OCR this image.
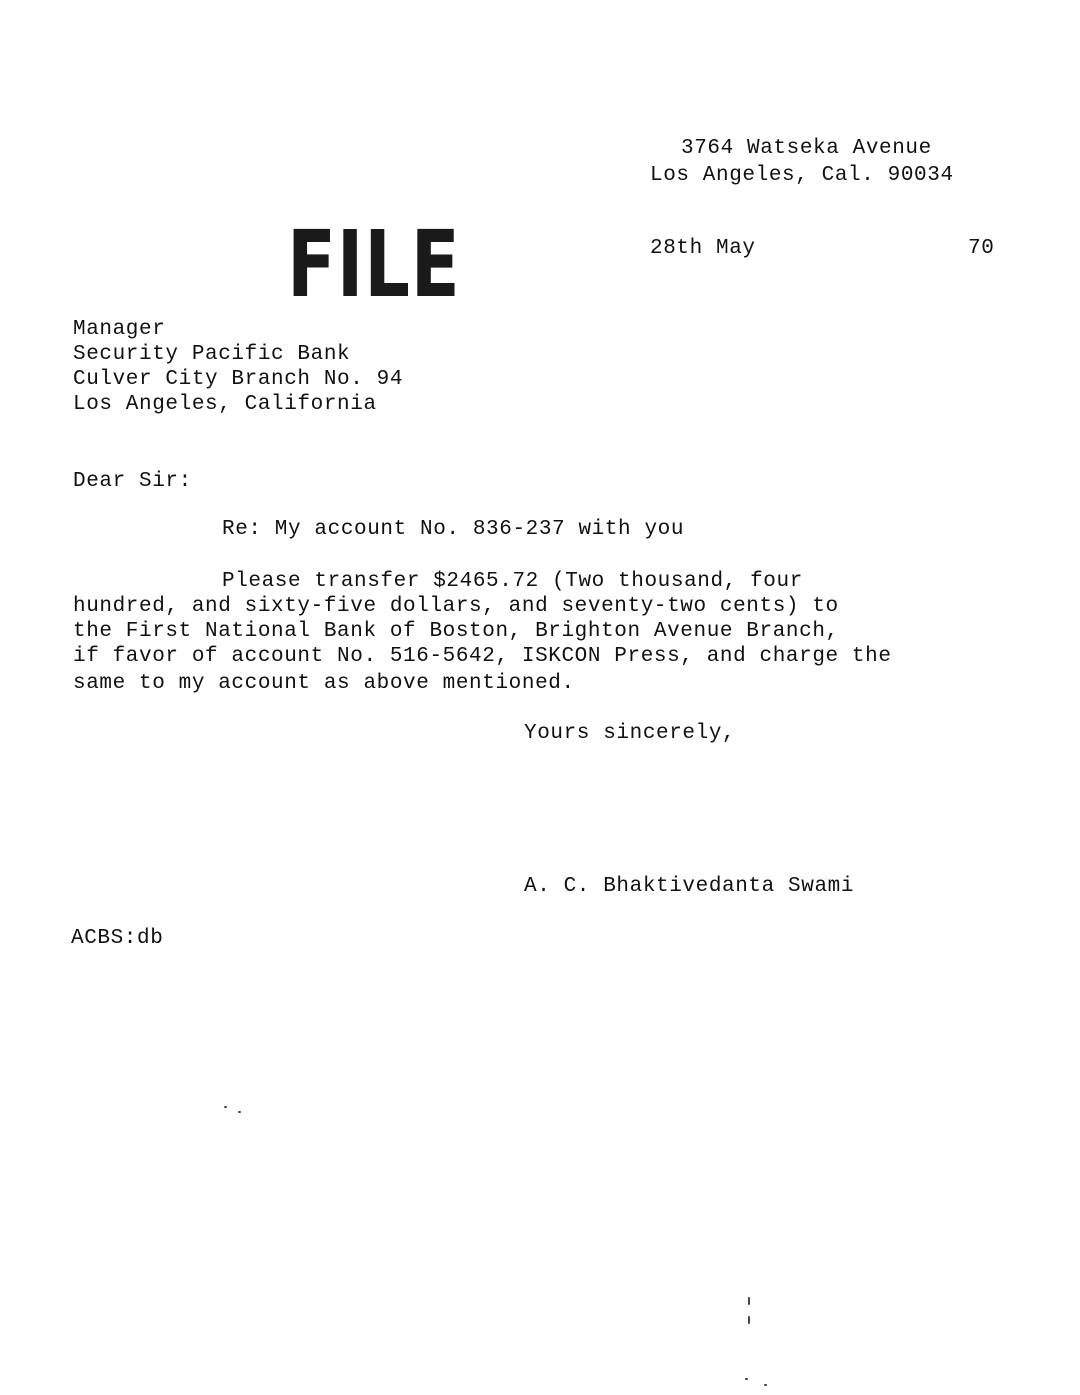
FILE
3764 Watseka Avenue
Los Angeles, Cal. 90034
28th May	70
Manager
Security Pacific Bank
Culver City Branch No. 94
Los Angeles, California
Dear Sir:
Re: My account No. 836-237 with you
Please transfer $2465.72 (Two thousand, four
hundred, and sixty-five dollars, and seventy-two cents) to
the First National Bank of Boston, Brighton Avenue Branch,
if favor of account No. 516-5642, ISKCON Press, and charge the
same to my account as above mentioned.
Yours sincerely,
A. C. Bhaktivedanta Swami
ACBS:db
